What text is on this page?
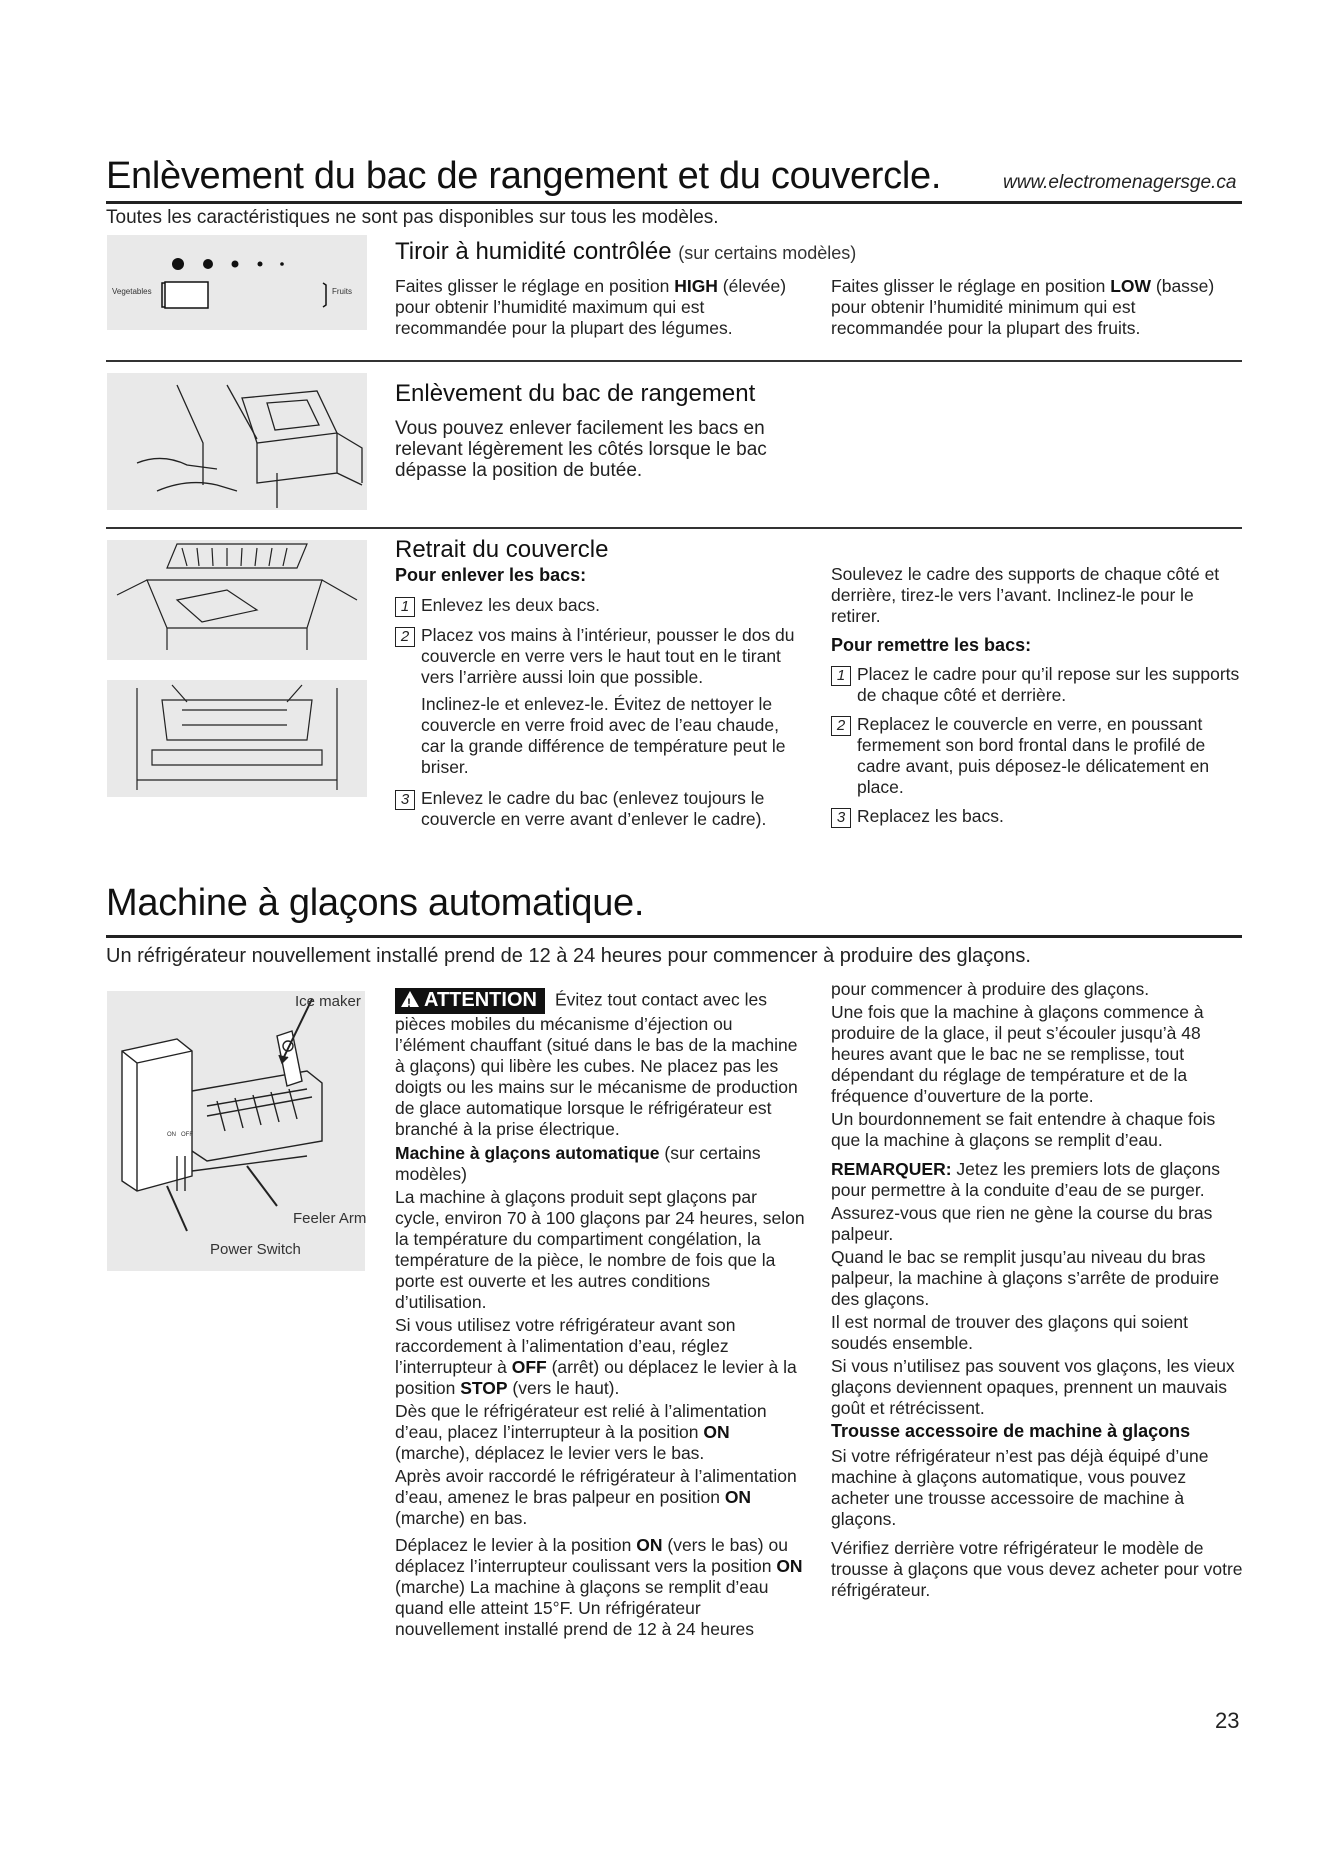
Enlèvement du bac de rangement et du couvercle.	www.electromenagersge.ca
Toutes les caractéristiques ne sont pas disponibles sur tous les modèles.
Vegetables	Fruits
Tiroir à humidité contrôlée (sur certains modèles)
Faites glisser le réglage en position HIGH (élevée) pour obtenir l’humidité maximum qui est recommandée pour la plupart des légumes.
Faites glisser le réglage en position LOW (basse) pour obtenir l’humidité minimum qui est recommandée pour la plupart des fruits.
Enlèvement du bac de rangement
Vous pouvez enlever facilement les bacs en relevant légèrement les côtés lorsque le bac dépasse la position de butée.
Retrait du couvercle
Pour enlever les bacs:
1 Enlevez les deux bacs.
2 Placez vos mains à l’intérieur, pousser le dos du couvercle en verre vers le haut tout en le tirant vers l’arrière aussi loin que possible.
Inclinez-le et enlevez-le. Évitez de nettoyer le couvercle en verre froid avec de l’eau chaude, car la grande différence de température peut le briser.
3 Enlevez le cadre du bac (enlevez toujours le couvercle en verre avant d’enlever le cadre).
Soulevez le cadre des supports de chaque côté et derrière, tirez-le vers l’avant. Inclinez-le pour le retirer.
Pour remettre les bacs:
1 Placez le cadre pour qu’il repose sur les supports de chaque côté et derrière.
2 Replacez le couvercle en verre, en poussant fermement son bord frontal dans le profilé de cadre avant, puis déposez-le délicatement en place.
3 Replacez les bacs.
Machine à glaçons automatique.
Un réfrigérateur nouvellement installé prend de 12 à 24 heures pour commencer à produire des glaçons.
Ice maker
ON OFF
Feeler Arm
Power Switch
!ATTENTION Évitez tout contact avec les pièces mobiles du mécanisme d’éjection ou l’élément chauffant (situé dans le bas de la machine à glaçons) qui libère les cubes. Ne placez pas les doigts ou les mains sur le mécanisme de production de glace automatique lorsque le réfrigérateur est branché à la prise électrique.
Machine à glaçons automatique (sur certains modèles)
La machine à glaçons produit sept glaçons par cycle, environ 70 à 100 glaçons par 24 heures, selon la température du compartiment congélation, la température de la pièce, le nombre de fois que la porte est ouverte et les autres conditions d’utilisation.
Si vous utilisez votre réfrigérateur avant son raccordement à l’alimentation d’eau, réglez l’interrupteur à OFF (arrêt) ou déplacez le levier à la position STOP (vers le haut).
Dès que le réfrigérateur est relié à l’alimentation d’eau, placez l’interrupteur à la position ON (marche), déplacez le levier vers le bas.
Après avoir raccordé le réfrigérateur à l’alimentation d’eau, amenez le bras palpeur en position ON (marche) en bas.
Déplacez le levier à la position ON (vers le bas) ou déplacez l’interrupteur coulissant vers la position ON (marche) La machine à glaçons se remplit d’eau quand elle atteint 15°F. Un réfrigérateur nouvellement installé prend de 12 à 24 heures
pour commencer à produire des glaçons.
Une fois que la machine à glaçons commence à produire de la glace, il peut s’écouler jusqu’à 48 heures avant que le bac ne se remplisse, tout dépendant du réglage de température et de la fréquence d’ouverture de la porte.
Un bourdonnement se fait entendre à chaque fois que la machine à glaçons se remplit d’eau.
REMARQUER: Jetez les premiers lots de glaçons pour permettre à la conduite d’eau de se purger.
Assurez-vous que rien ne gène la course du bras palpeur.
Quand le bac se remplit jusqu’au niveau du bras palpeur, la machine à glaçons s’arrête de produire des glaçons.
Il est normal de trouver des glaçons qui soient soudés ensemble.
Si vous n’utilisez pas souvent vos glaçons, les vieux glaçons deviennent opaques, prennent un mauvais goût et rétrécissent.
Trousse accessoire de machine à glaçons
Si votre réfrigérateur n’est pas déjà équipé d’une machine à glaçons automatique, vous pouvez acheter une trousse accessoire de machine à glaçons.
Vérifiez derrière votre réfrigérateur le modèle de trousse à glaçons que vous devez acheter pour votre réfrigérateur.
23
